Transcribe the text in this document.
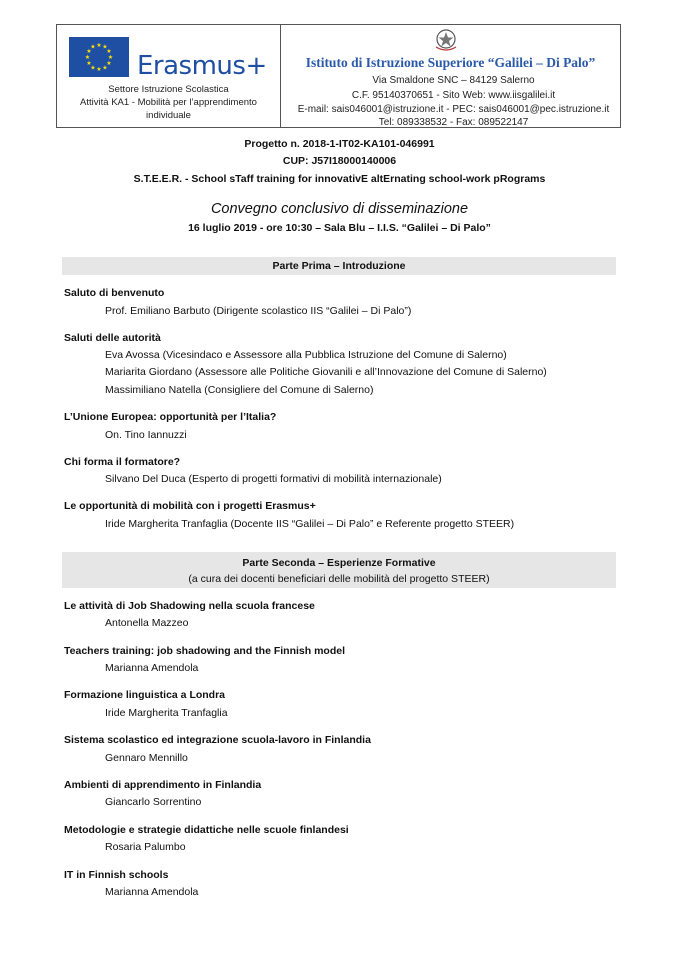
★ ★
★
★
★
★
★
★
★
★
★
★
Erasmus+
Settore Istruzione Scolastica
Attività KA1 - Mobilità per l’apprendimento
individuale
Istituto di Istruzione Superiore “Galilei – Di Palo”
Via Smaldone SNC – 84129 Salerno
C.F. 95140370651 - Sito Web: www.iisgalilei.it
E-mail: sais046001@istruzione.it - PEC: sais046001@pec.istruzione.it
Tel: 089338532 - Fax: 089522147
Progetto n. 2018-1-IT02-KA101-046991
CUP: J57I18000140006
S.T.E.E.R. - School sTaff training for innovativE altErnating school-work pRograms
Convegno conclusivo di disseminazione
16 luglio 2019 - ore 10:30 – Sala Blu – I.I.S. “Galilei – Di Palo”
Parte Prima – Introduzione
Saluto di benvenuto
Prof. Emiliano Barbuto (Dirigente scolastico IIS “Galilei – Di Palo”)
Saluti delle autorità
Eva Avossa (Vicesindaco e Assessore alla Pubblica Istruzione del Comune di Salerno)
Mariarita Giordano (Assessore alle Politiche Giovanili e all’Innovazione del Comune di Salerno)
Massimiliano Natella (Consigliere del Comune di Salerno)
L’Unione Europea: opportunità per l’Italia?
On. Tino Iannuzzi
Chi forma il formatore?
Silvano Del Duca (Esperto di progetti formativi di mobilità internazionale)
Le opportunità di mobilità con i progetti Erasmus+
Iride Margherita Tranfaglia (Docente IIS “Galilei – Di Palo” e Referente progetto STEER)
Parte Seconda – Esperienze Formative
(a cura dei docenti beneficiari delle mobilità del progetto STEER)
Le attività di Job Shadowing nella scuola francese
Antonella Mazzeo
Teachers training: job shadowing and the Finnish model
Marianna Amendola
Formazione linguistica a Londra
Iride Margherita Tranfaglia
Sistema scolastico ed integrazione scuola-lavoro in Finlandia
Gennaro Mennillo
Ambienti di apprendimento in Finlandia
Giancarlo Sorrentino
Metodologie e strategie didattiche nelle scuole finlandesi
Rosaria Palumbo
IT in Finnish schools
Marianna Amendola
